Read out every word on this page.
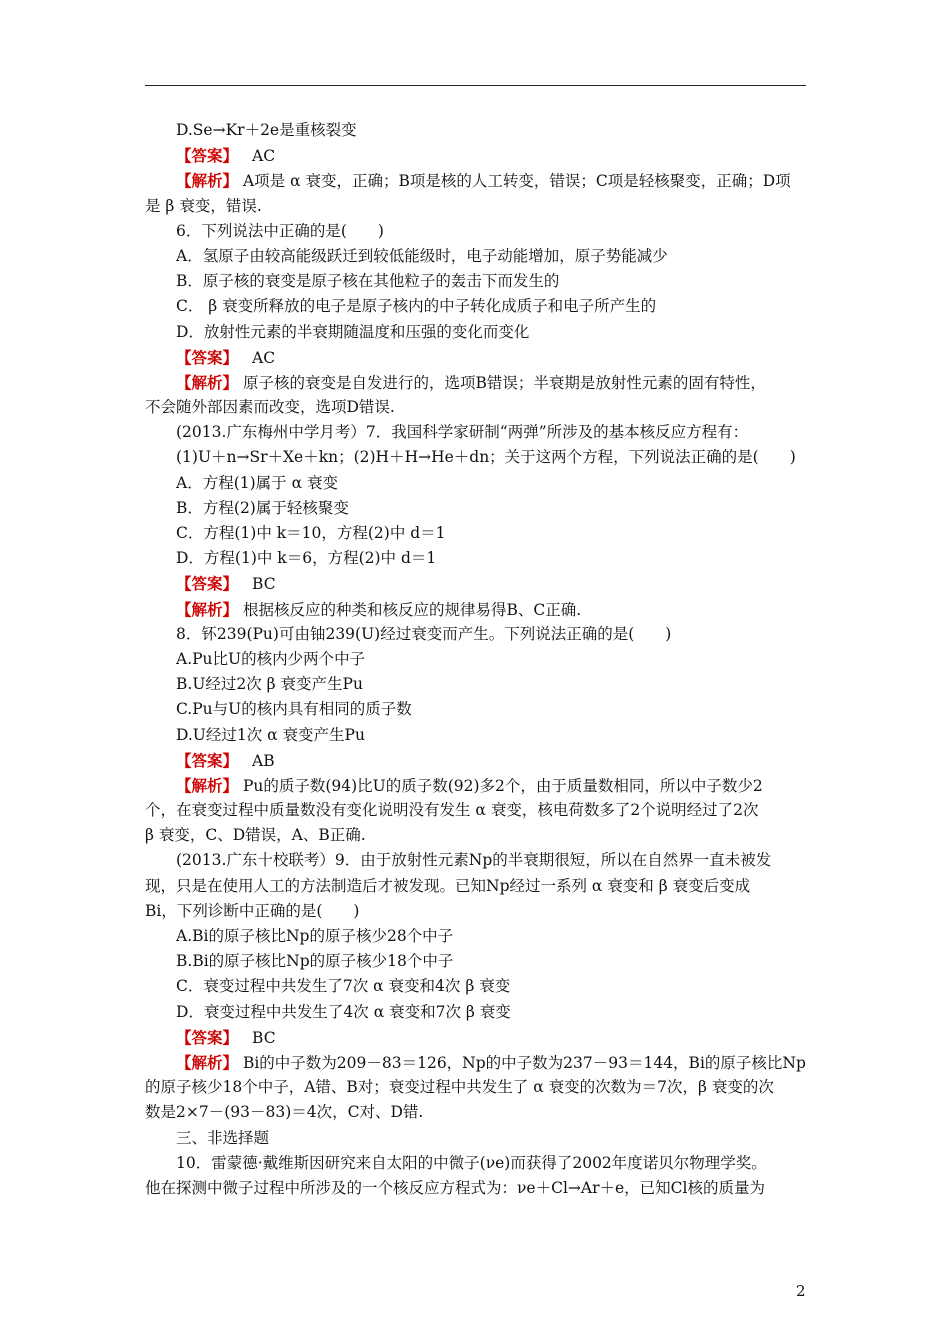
D.Se→Kr＋2e是重核裂变
【答案】 AC
【解析】 A项是 α 衰变，正确；B项是核的人工转变，错误；C项是轻核聚变，正确；D项
是 β 衰变，错误.
6．下列说法中正确的是(　　)
A．氢原子由较高能级跃迁到较低能级时，电子动能增加，原子势能减少
B．原子核的衰变是原子核在其他粒子的轰击下而发生的
C． β 衰变所释放的电子是原子核内的中子转化成质子和电子所产生的
D．放射性元素的半衰期随温度和压强的变化而变化
【答案】 AC
【解析】 原子核的衰变是自发进行的，选项B错误；半衰期是放射性元素的固有特性，
不会随外部因素而改变，选项D错误.
(2013.广东梅州中学月考）7．我国科学家研制“两弹”所涉及的基本核反应方程有：
(1)U＋n→Sr＋Xe＋kn；(2)H＋H→He＋dn；关于这两个方程，下列说法正确的是(　　)
A．方程(1)属于 α 衰变
B．方程(2)属于轻核聚变
C．方程(1)中 k＝10，方程(2)中 d＝1
D．方程(1)中 k＝6，方程(2)中 d＝1
【答案】 BC
【解析】 根据核反应的种类和核反应的规律易得B、C正确.
8．钚239(Pu)可由铀239(U)经过衰变而产生。下列说法正确的是(　　)
A.Pu比U的核内少两个中子
B.U经过2次 β 衰变产生Pu
C.Pu与U的核内具有相同的质子数
D.U经过1次 α 衰变产生Pu
【答案】 AB
【解析】 Pu的质子数(94)比U的质子数(92)多2个，由于质量数相同，所以中子数少2
个，在衰变过程中质量数没有变化说明没有发生 α 衰变，核电荷数多了2个说明经过了2次
β 衰变，C、D错误，A、B正确.
(2013.广东十校联考）9．由于放射性元素Np的半衰期很短，所以在自然界一直未被发
现，只是在使用人工的方法制造后才被发现。已知Np经过一系列 α 衰变和 β 衰变后变成
Bi，下列诊断中正确的是(　　)
A.Bi的原子核比Np的原子核少28个中子
B.Bi的原子核比Np的原子核少18个中子
C．衰变过程中共发生了7次 α 衰变和4次 β 衰变
D．衰变过程中共发生了4次 α 衰变和7次 β 衰变
【答案】 BC
【解析】 Bi的中子数为209－83＝126，Np的中子数为237－93＝144，Bi的原子核比Np
的原子核少18个中子，A错、B对；衰变过程中共发生了 α 衰变的次数为＝7次，β 衰变的次
数是2×7－(93－83)＝4次，C对、D错.
三、非选择题
10．雷蒙德·戴维斯因研究来自太阳的中微子(νe)而获得了2002年度诺贝尔物理学奖。
他在探测中微子过程中所涉及的一个核反应方程式为：νe＋Cl→Ar＋e，已知Cl核的质量为
2
